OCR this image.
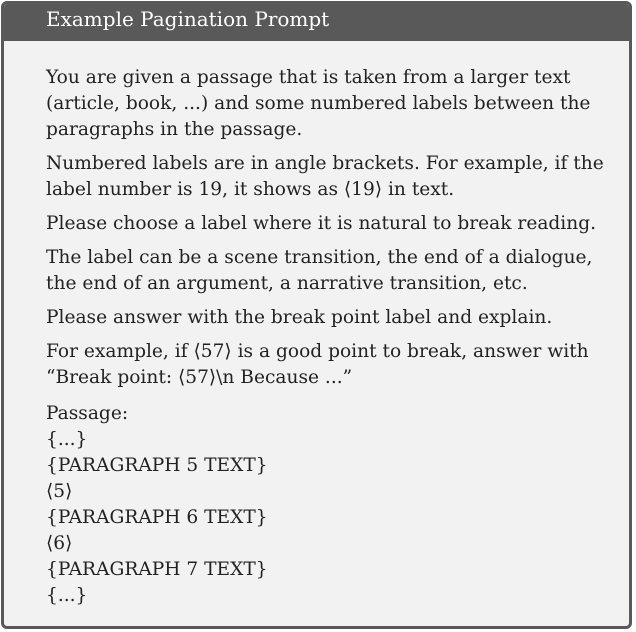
Example Pagination Prompt

You are given a passage that is taken from a larger text (article, book, ...) and some numbered labels between the paragraphs in the passage.

Numbered labels are in angle brackets. For example, if the label number is 19, it shows as ⟨19⟩ in text.

Please choose a label where it is natural to break reading.

The label can be a scene transition, the end of a dialogue, the end of an argument, a narrative transition, etc.

Please answer with the break point label and explain.

For example, if ⟨57⟩ is a good point to break, answer with “Break point: ⟨57⟩\n Because ...”

Passage:
{...}
{PARAGRAPH 5 TEXT}
⟨5⟩
{PARAGRAPH 6 TEXT}
⟨6⟩
{PARAGRAPH 7 TEXT}
{...}
